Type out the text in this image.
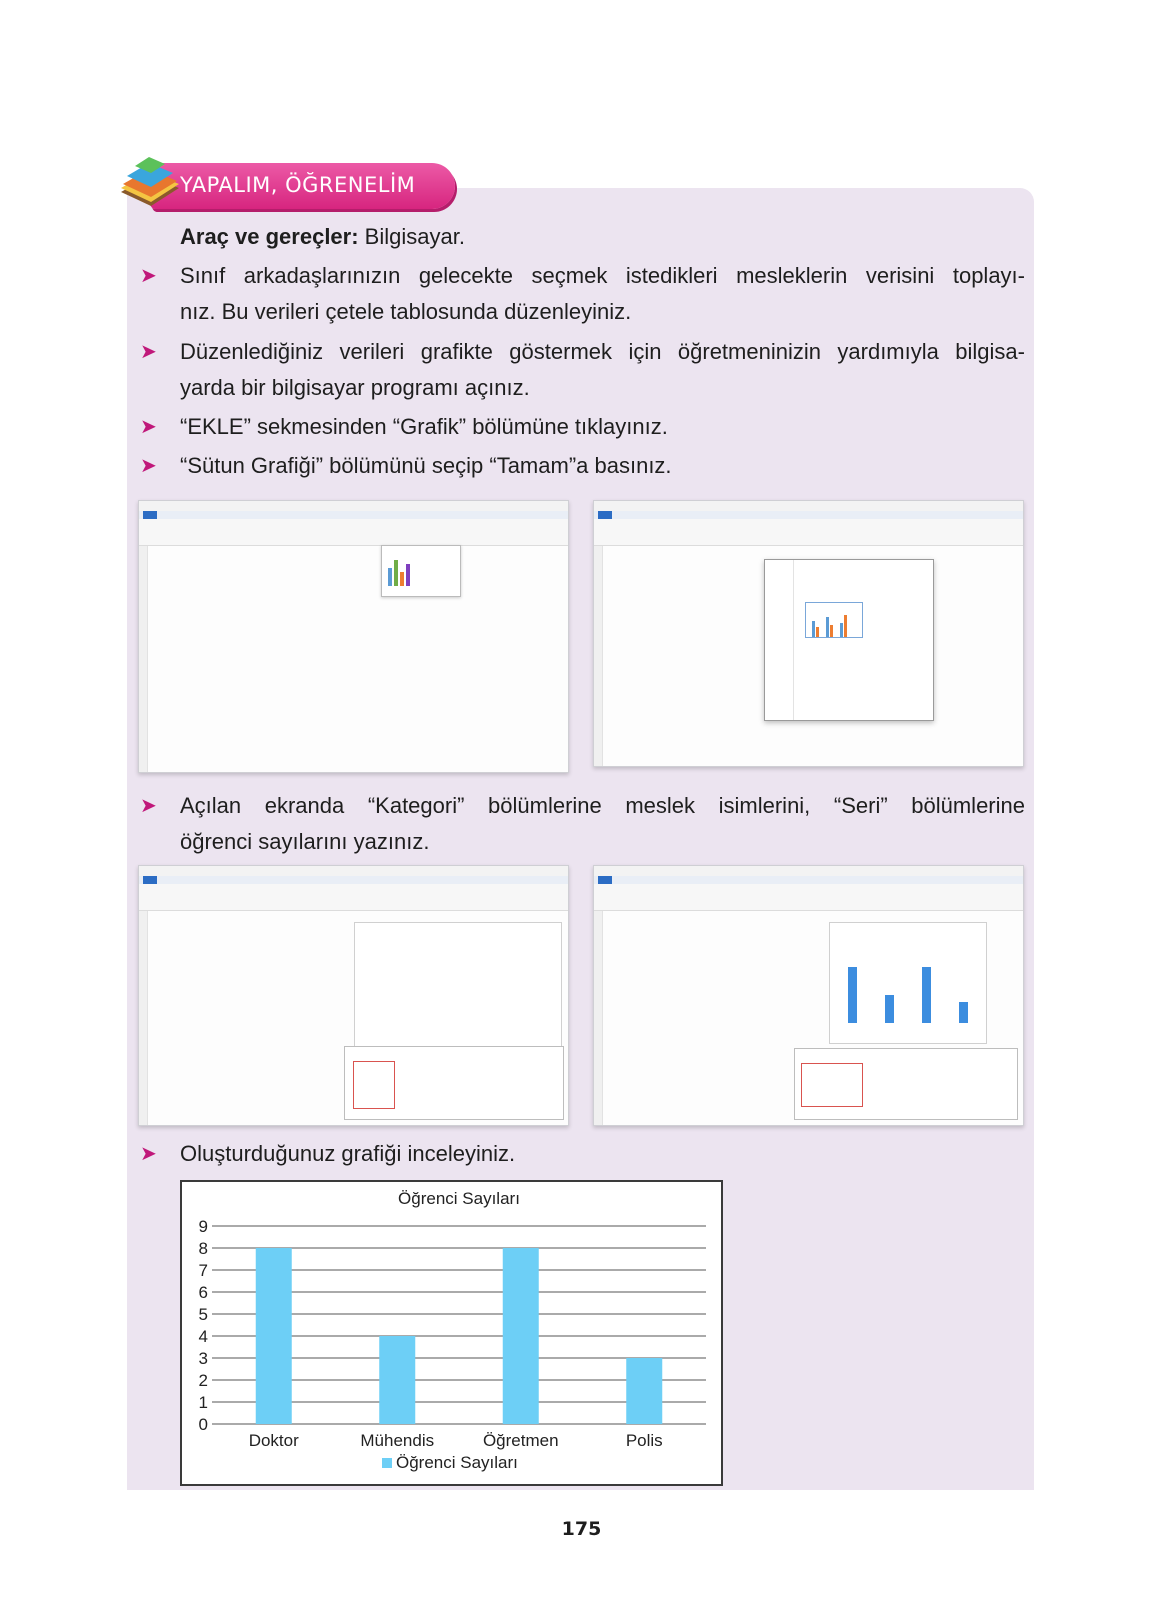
YAPALIM, ÖĞRENELİM
Araç ve gereçler: Bilgisayar.
➤ Sınıf arkadaşlarınızın gelecekte seçmek istedikleri mesleklerin verisini toplayı-
nız. Bu verileri çetele tablosunda düzenleyiniz.
➤ Düzenlediğiniz verileri grafikte göstermek için öğretmeninizin yardımıyla bilgisa-
yarda bir bilgisayar programı açınız.
➤ “EKLE” sekmesinden “Grafik” bölümüne tıklayınız.
➤ “Sütun Grafiği” bölümünü seçip “Tamam”a basınız.
➤ Açılan ekranda “Kategori” bölümlerine meslek isimlerini, “Seri” bölümlerine
öğrenci sayılarını yazınız.
➤ Oluşturduğunuz grafiği inceleyiniz.
Öğrenci Sayıları
0
1
2
3
4
5
6
7
8
9
Doktor	Mühendis	Öğretmen	Polis
Öğrenci Sayıları
175
